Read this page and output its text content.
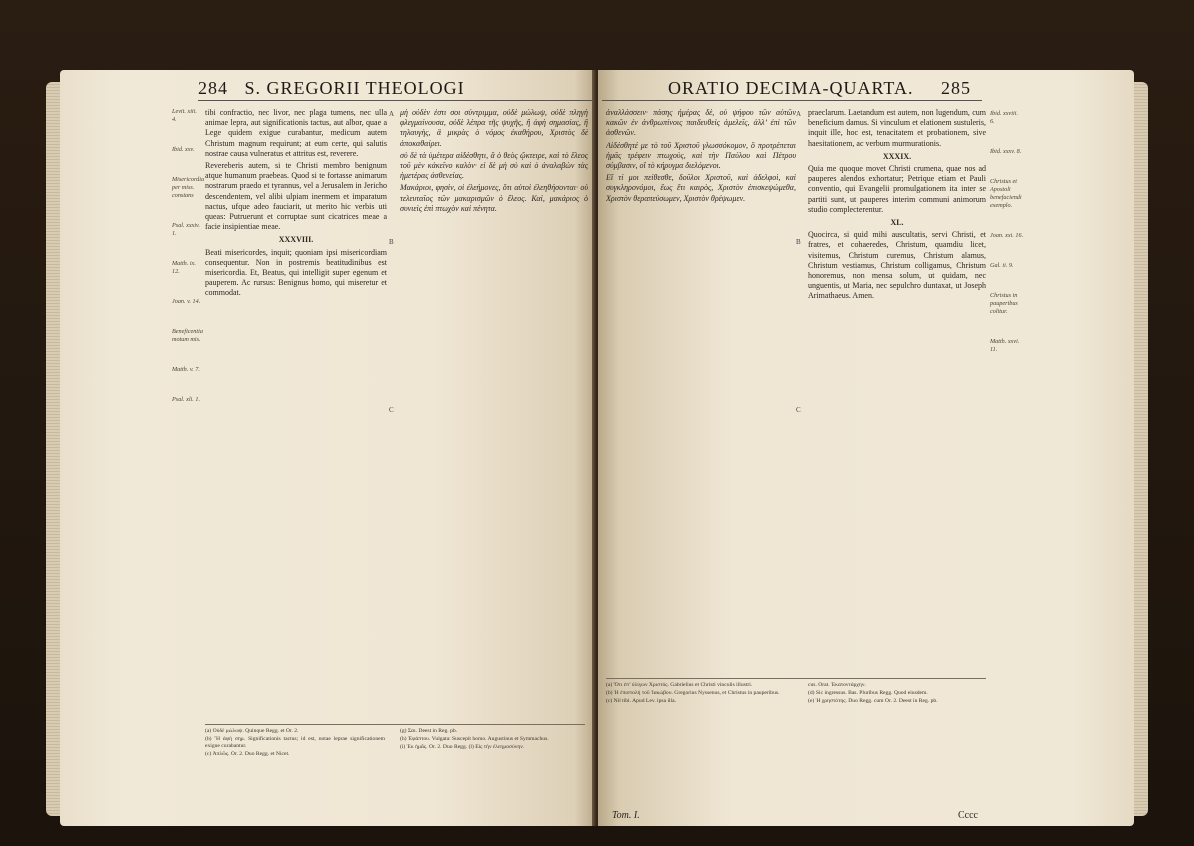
284 S. GREGORII THEOLOGI
Levit. xiii. 4.
Ibid. xxv.
Misericordia per miss. constans
Psal. xxxiv. 1.
Matth. ix. 12.
Joan. v. 14.
Beneficentia motum mis.
Matth. v. 7.
Psal. xli. 1.

tibi confractio, nec livor, nec plaga tumens, nec ulla animae lepra, aut significationis tactus, aut albor, quae a Lege quidem exigue curabantur, medicum autem Christum magnum requirunt; at eum certe, qui salutis nostrae causa vulneratus et attritus est, reverere.

Revereberis autem, si te Christi membro benignum atque humanum praebeas. Quod si te fortasse animarum nostrarum praedo et tyrannus, vel a Jerusalem in Jericho descendentem, vel alibi ulpiam inermem et imparatum nactus, ufque adeo fauciarit, ut merito hic verbis uti queas: Putruerunt et corruptae sunt cicatrices meae a facie insipientiae meae.

XXXVIII.

Beati misericordes, inquit; quoniam ipsi misericordiam consequentur. Non in postremis beatitudinibus est misericordia. Et, Beatus, qui intelligit super egenum et pauperem. Ac rursus: Benignus homo, qui miseretur et commodat.

A
B
C

μὴ οὐδὲν ἐστι σοι σύντριμμα, οὐδὲ μώλωψ, οὐδὲ πληγὴ φλεγμαίνουσα, οὐδὲ λέπρα τῆς ψυχῆς, ἢ ἀφὴ σημασίας, ἢ τηλαυγὴς, ἃ μικρὰς ὁ νόμος ἐκαθήρου, Χριστὸς δὲ ἀποκαθαίρει.

σὺ δὲ τὰ ὑμέτερα αἰδέσθητι, ἃ ὁ θεὸς ᾤκτειρε, καὶ τὸ ἔλεος τοῦ μὲν κἀκεῖνο καλὸν· εἰ δὲ μὴ σὺ καὶ ὁ ἀναλαβὼν τὰς ἡμετέρας ἀσθενείας.

Μακάριοι, φησὶν, οἱ ἐλεήμονες, ὅτι αὐτοὶ ἐλεηθήσονται· οὐ τελευταῖος τῶν μακαρισμῶν ὁ ἔλεος. Καὶ, μακάριος ὁ συνιεὶς ἐπὶ πτωχὸν καὶ πένητα.

(a) Οὐδὲ μώλωψ. Quinque Regg. et Or. 2.

(b) Ἢ ἀφὴ σημ. Significationis tactus; id est, notae leprae significationem exigue curabantur.

(c) Ἀπλῶς. Or. 2. Duo Regg. et Nicet.

(g) Σαι. Deest in Reg. pb.

(h) Ἐφάπτου. Vulgata: Suscepit homo. Augustinus et Symmachus.

(i) Ἐκ ἡμᾶς. Or. 2. Duo Regg. (l) Εἰς τὴν ἐλεημοσύνην.

ORATIO DECIMA-QUARTA. 285

ἀναλλάσσειν· πάσης ἡμέρας δὲ, οὐ ψήφου τῶν αὐτῶν κακῶν ἐν ἀνθρωπίνοις παιδευθεὶς ἀμελεῖς, ἀλλ’ ἐπὶ τῶν ἀσθενῶν.

Αἰδέσθητέ με τὸ τοῦ Χριστοῦ γλωσσόκομον, ὃ προτρέπεται ἡμᾶς τρέφειν πτωχοὺς, καὶ τὴν Παύλου καὶ Πέτρου σύμβασιν, οἳ τὸ κήρυγμα διελόμενοι.

Εἴ τί μοι πείθεσθε, δοῦλοι Χριστοῦ, καὶ ἀδελφοὶ, καὶ συγκληρονόμοι, ἕως ἔτι καιρὸς, Χριστὸν ἐπισκεψώμεθα, Χριστὸν θεραπεύσωμεν, Χριστὸν θρέψωμεν.

A
B
C

praeclarum. Laetandum est autem, non lugendum, cum beneficium damus. Si vinculum et elationem sustuleris, inquit ille, hoc est, tenacitatem et probationem, sive haesitationem, ac verbum murmurationis.

XXXIX.

Quia me quoque movet Christi crumena, quae nos ad pauperes alendos exhortatur; Petrique etiam et Pauli conventio, qui Evangelii promulgationem ita inter se partiti sunt, ut pauperes interim communi animorum studio complecterentur.

XL.

Quocirca, si quid mihi auscultatis, servi Christi, et fratres, et cohaeredes, Christum, quamdiu licet, visitemus, Christum curemus, Christum alamus, Christum vestiamus, Christum colligamus, Christum honoremus, non mensa solum, ut quidam, nec unguentis, ut Maria, nec sepulchro duntaxat, ut Joseph Arimathaeus. Amen.

Ibid. xxviii. 6.
Ibid. xxxv. 8.
Christus et Apostoli benefaciendi exemplo.
Joan. xxi. 16.
Gal. ii. 9.
Christus in pauperibus colitur.
Matth. xxvi. 11.

(a) Ὅτι ἐπ’ ὀλίγων Χριστός. Gabrielius et Christi vinculis illustri.

(b) Ἡ ἐπιστολή τοῦ Ἰακώβου. Gregorius Nyssenus, et Christus in pauperibus.

(c) Nil tibi. Apud Lev. ipsa illa.

cus. Orat. Ἐκατοντάρχην.

(d) Sic ingressus. Bas. Pluribus Regg. Quod eiusdem.

(e) Ἡ χρηστότης. Duo Regg. cum Or. 2. Deest in Reg. pb.

Tom. I.	Cccc
